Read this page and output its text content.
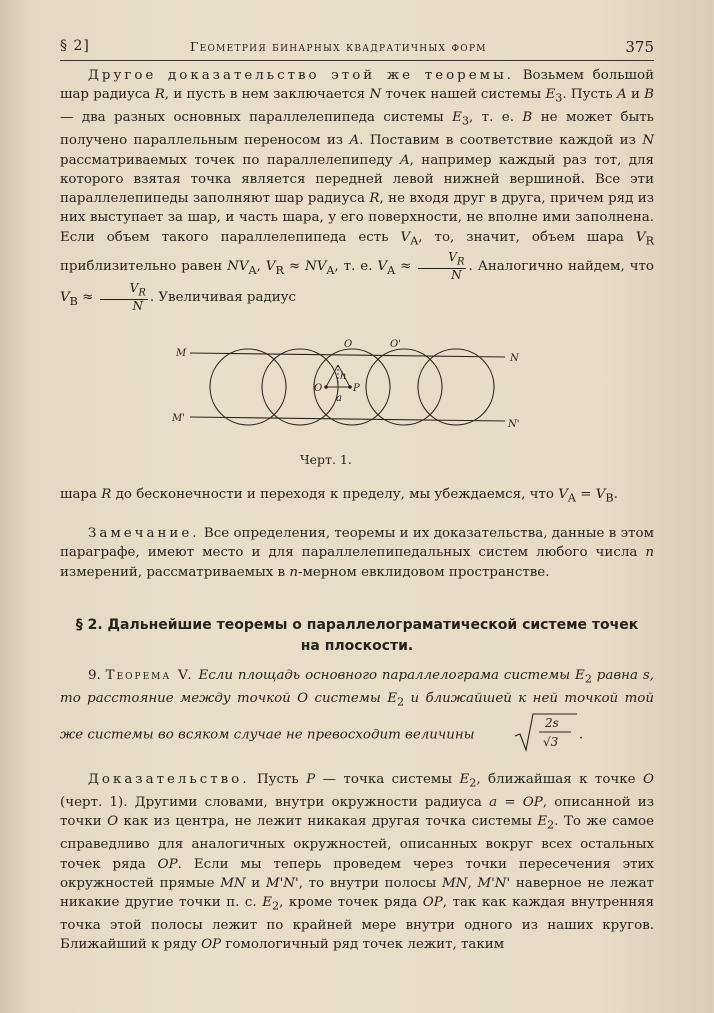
§ 2]	Геометрия бинарных квадратичных форм	375
Другое доказательство этой же теоремы. Возьмем большой шар радиуса R, и пусть в нем заключается N точек нашей системы $E_3$. Пусть A и B — два разных основных параллелепипеда системы $E_3$, т. е. B не может быть получено параллельным переносом из A. Поставим в соответствие каждой из N рассматриваемых точек по параллелепипеду A, например каждый раз тот, для которого взятая точка является передней левой нижней вершиной. Все эти параллелепипеды заполняют шар радиуса R, не входя друг в друга, причем ряд из них выступает за шар, и часть шара, у его поверхности, не вполне ими заполнена. Если объем такого параллелепипеда есть $V_A$, то, значит, объем шара $V_R$ приблизительно равен $NV_A$, $V_R \approx NV_A$, т. е. $V_A \approx \frac{V_R}{N}$ . Аналогично найдем, что $V_B \approx \frac{V_R}{N}$ . Увеличивая радиус
M	N
M'
N'
O	O'
O	P
a
h
Черт. 1.
шара R до бесконечности и переходя к пределу, мы убеждаемся, что $V_A = V_B$.
Замечание. Все определения, теоремы и их доказательства, данные в этом параграфе, имеют место и для параллелепипедальных систем любого числа n измерений, рассматриваемых в n-мерном евклидовом пространстве.
§ 2. Дальнейшие теоремы о параллелограматической системе точек
на плоскости.
9. Теорема V. Если площадь основного параллелограма системы $E_2$ равна s, то расстояние между точкой O системы $E_2$ и ближайшей к ней точкой той же системы во всяком случае не превосходит величины
2s
√3 .
Доказательство. Пусть P — точка системы $E_2$, ближайшая к точке O (черт. 1). Другими словами, внутри окружности радиуса a = OP, описанной из точки O как из центра, не лежит никакая другая точка системы $E_2$. То же самое справедливо для аналогичных окружностей, описанных вокруг всех остальных точек ряда OP. Если мы теперь проведем через точки пересечения этих окружностей прямые MN и M'N', то внутри полосы MN, M'N' наверное не лежат никакие другие точки п. с. $E_2$, кроме точек ряда OP, так как каждая внутренняя точка этой полосы лежит по крайней мере внутри одного из наших кругов. Ближайший к ряду OP гомологичный ряд точек лежит, таким
